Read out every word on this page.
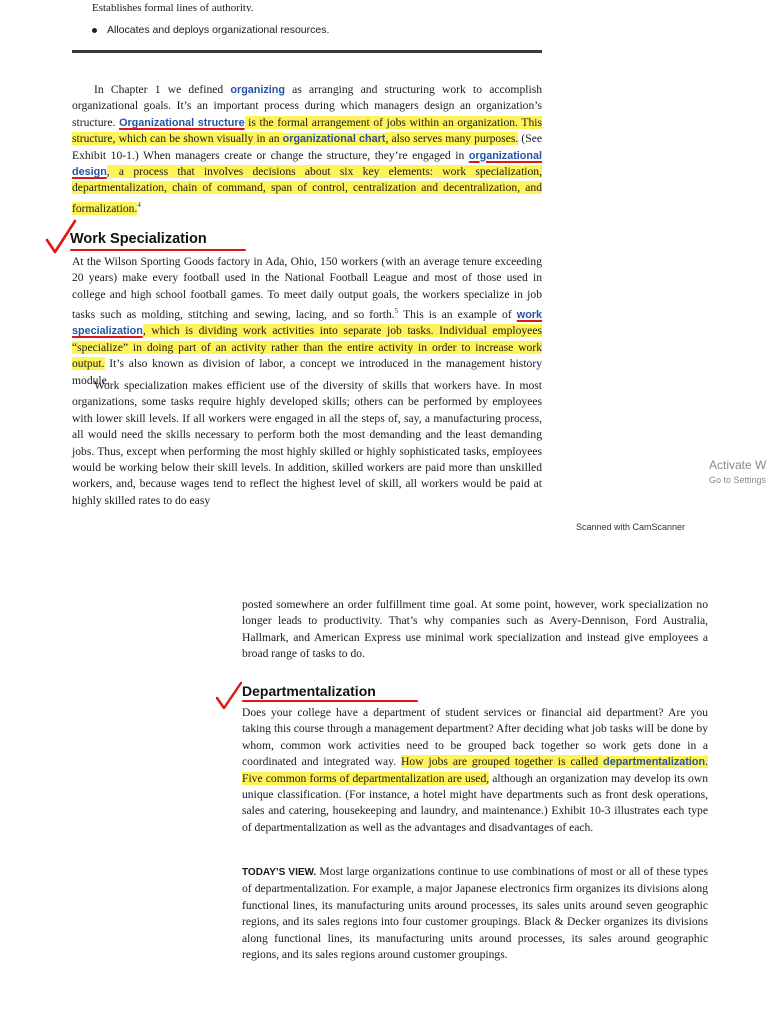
Establishes formal lines of authority.
Allocates and deploys organizational resources.

In Chapter 1 we defined organizing as arranging and structuring work to accomplish organizational goals. It’s an important process during which managers design an organization’s structure. Organizational structure is the formal arrangement of jobs within an organization. This structure, which can be shown visually in an organizational chart, also serves many purposes. (See Exhibit 10-1.) When managers create or change the structure, they’re engaged in organizational design, a process that involves decisions about six key elements: work specialization, departmentalization, chain of command, span of control, centralization and decentralization, and formalization.$^4$

Work Specialization

At the Wilson Sporting Goods factory in Ada, Ohio, 150 workers (with an average tenure exceeding 20 years) make every football used in the National Football League and most of those used in college and high school football games. To meet daily output goals, the workers specialize in job tasks such as molding, stitching and sewing, lacing, and so forth.$^5$ This is an example of work specialization, which is dividing work activities into separate job tasks. Individual employees “specialize” in doing part of an activity rather than the entire activity in order to increase work output. It’s also known as division of labor, a concept we introduced in the management history module.

Work specialization makes efficient use of the diversity of skills that workers have. In most organizations, some tasks require highly developed skills; others can be performed by employees with lower skill levels. If all workers were engaged in all the steps of, say, a manufacturing process, all would need the skills necessary to perform both the most demanding and the least demanding jobs. Thus, except when performing the most highly skilled or highly sophisticated tasks, employees would be working below their skill levels. In addition, skilled workers are paid more than unskilled workers, and, because wages tend to reflect the highest level of skill, all workers would be paid at highly skilled rates to do easy

Activate W
Go to Settings
Scanned with CamScanner

posted somewhere an order fulfillment time goal. At some point, however, work specialization no longer leads to productivity. That’s why companies such as Avery-Dennison, Ford Australia, Hallmark, and American Express use minimal work specialization and instead give employees a broad range of tasks to do.

Departmentalization

Does your college have a department of student services or financial aid department? Are you taking this course through a management department? After deciding what job tasks will be done by whom, common work activities need to be grouped back together so work gets done in a coordinated and integrated way. How jobs are grouped together is called departmentalization. Five common forms of departmentalization are used, although an organization may develop its own unique classification. (For instance, a hotel might have departments such as front desk operations, sales and catering, housekeeping and laundry, and maintenance.) Exhibit 10-3 illustrates each type of departmentalization as well as the advantages and disadvantages of each.

TODAY’S VIEW. Most large organizations continue to use combinations of most or all of these types of departmentalization. For example, a major Japanese electronics firm organizes its divisions along functional lines, its manufacturing units around processes, its sales units around seven geographic regions, and its sales regions into four customer groupings. Black & Decker organizes its divisions along functional lines, its manufacturing units around processes, its sales around geographic regions, and its sales regions around customer groupings.
